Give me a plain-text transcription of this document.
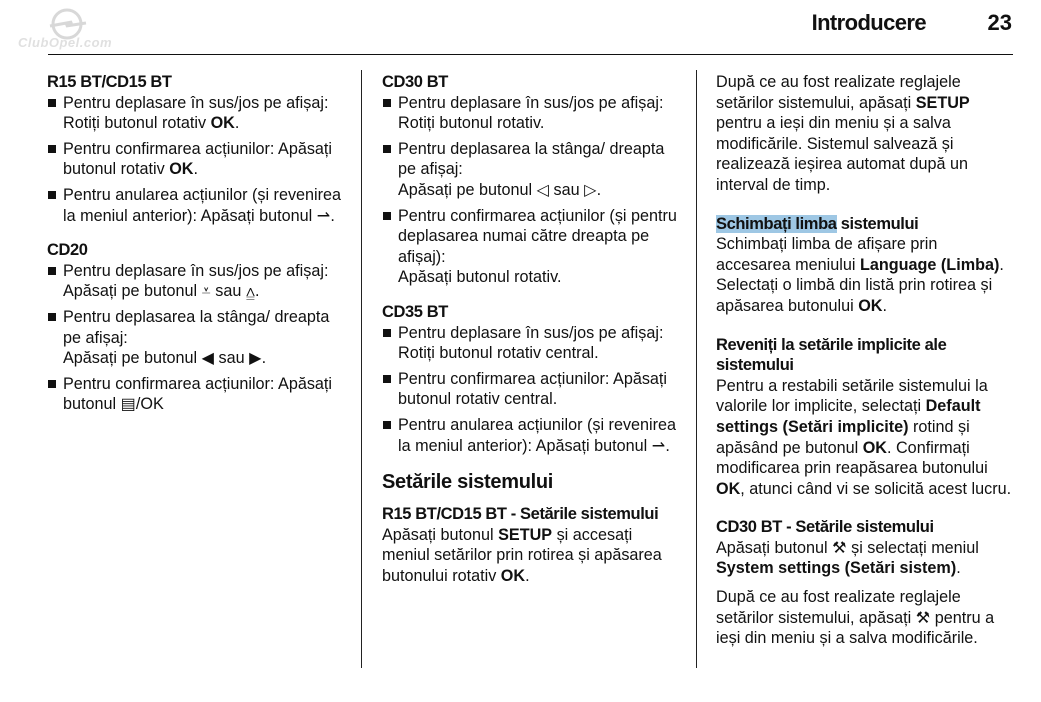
ClubOpel.com
Introducere	23
R15 BT/CD15 BT
Pentru deplasare în sus/jos pe afișaj: Rotiți butonul rotativ OK.
Pentru confirmarea acțiunilor: Apăsați butonul rotativ OK.
Pentru anularea acțiunilor (și revenirea la meniul anterior): Apăsați butonul ⇀.
CD20
Pentru deplasare în sus/jos pe afișaj: Apăsați pe butonul ⩡ sau ⩠.
Pentru deplasarea la stânga/ dreapta pe afișaj:
Apăsați pe butonul ◀ sau ▶.
Pentru confirmarea acțiunilor: Apăsați butonul ▤/OK
CD30 BT
Pentru deplasare în sus/jos pe afișaj: Rotiți butonul rotativ.
Pentru deplasarea la stânga/ dreapta pe afișaj:
Apăsați pe butonul ◁ sau ▷.
Pentru confirmarea acțiunilor (și pentru deplasarea numai către dreapta pe afișaj):
Apăsați butonul rotativ.
CD35 BT
Pentru deplasare în sus/jos pe afișaj: Rotiți butonul rotativ central.
Pentru confirmarea acțiunilor: Apăsați butonul rotativ central.
Pentru anularea acțiunilor (și revenirea la meniul anterior): Apăsați butonul ⇀.
Setările sistemului
R15 BT/CD15 BT - Setările sistemului

Apăsați butonul SETUP și accesați meniul setărilor prin rotirea și apăsarea butonului rotativ OK.

După ce au fost realizate reglajele setărilor sistemului, apăsați SETUP pentru a ieși din meniu și a salva modificările. Sistemul salvează și realizează ieșirea automat după un interval de timp.

Schimbați limba sistemului

Schimbați limba de afișare prin accesarea meniului Language (Limba). Selectați o limbă din listă prin rotirea și apăsarea butonului OK.

Reveniți la setările implicite ale sistemului

Pentru a restabili setările sistemului la valorile lor implicite, selectați Default settings (Setări implicite) rotind și apăsând pe butonul OK. Confirmați modificarea prin reapăsarea butonului OK, atunci când vi se solicită acest lucru.

CD30 BT - Setările sistemului

Apăsați butonul ⚒ și selectați meniul System settings (Setări sistem).

După ce au fost realizate reglajele setărilor sistemului, apăsați ⚒ pentru a ieși din meniu și a salva modificările.
